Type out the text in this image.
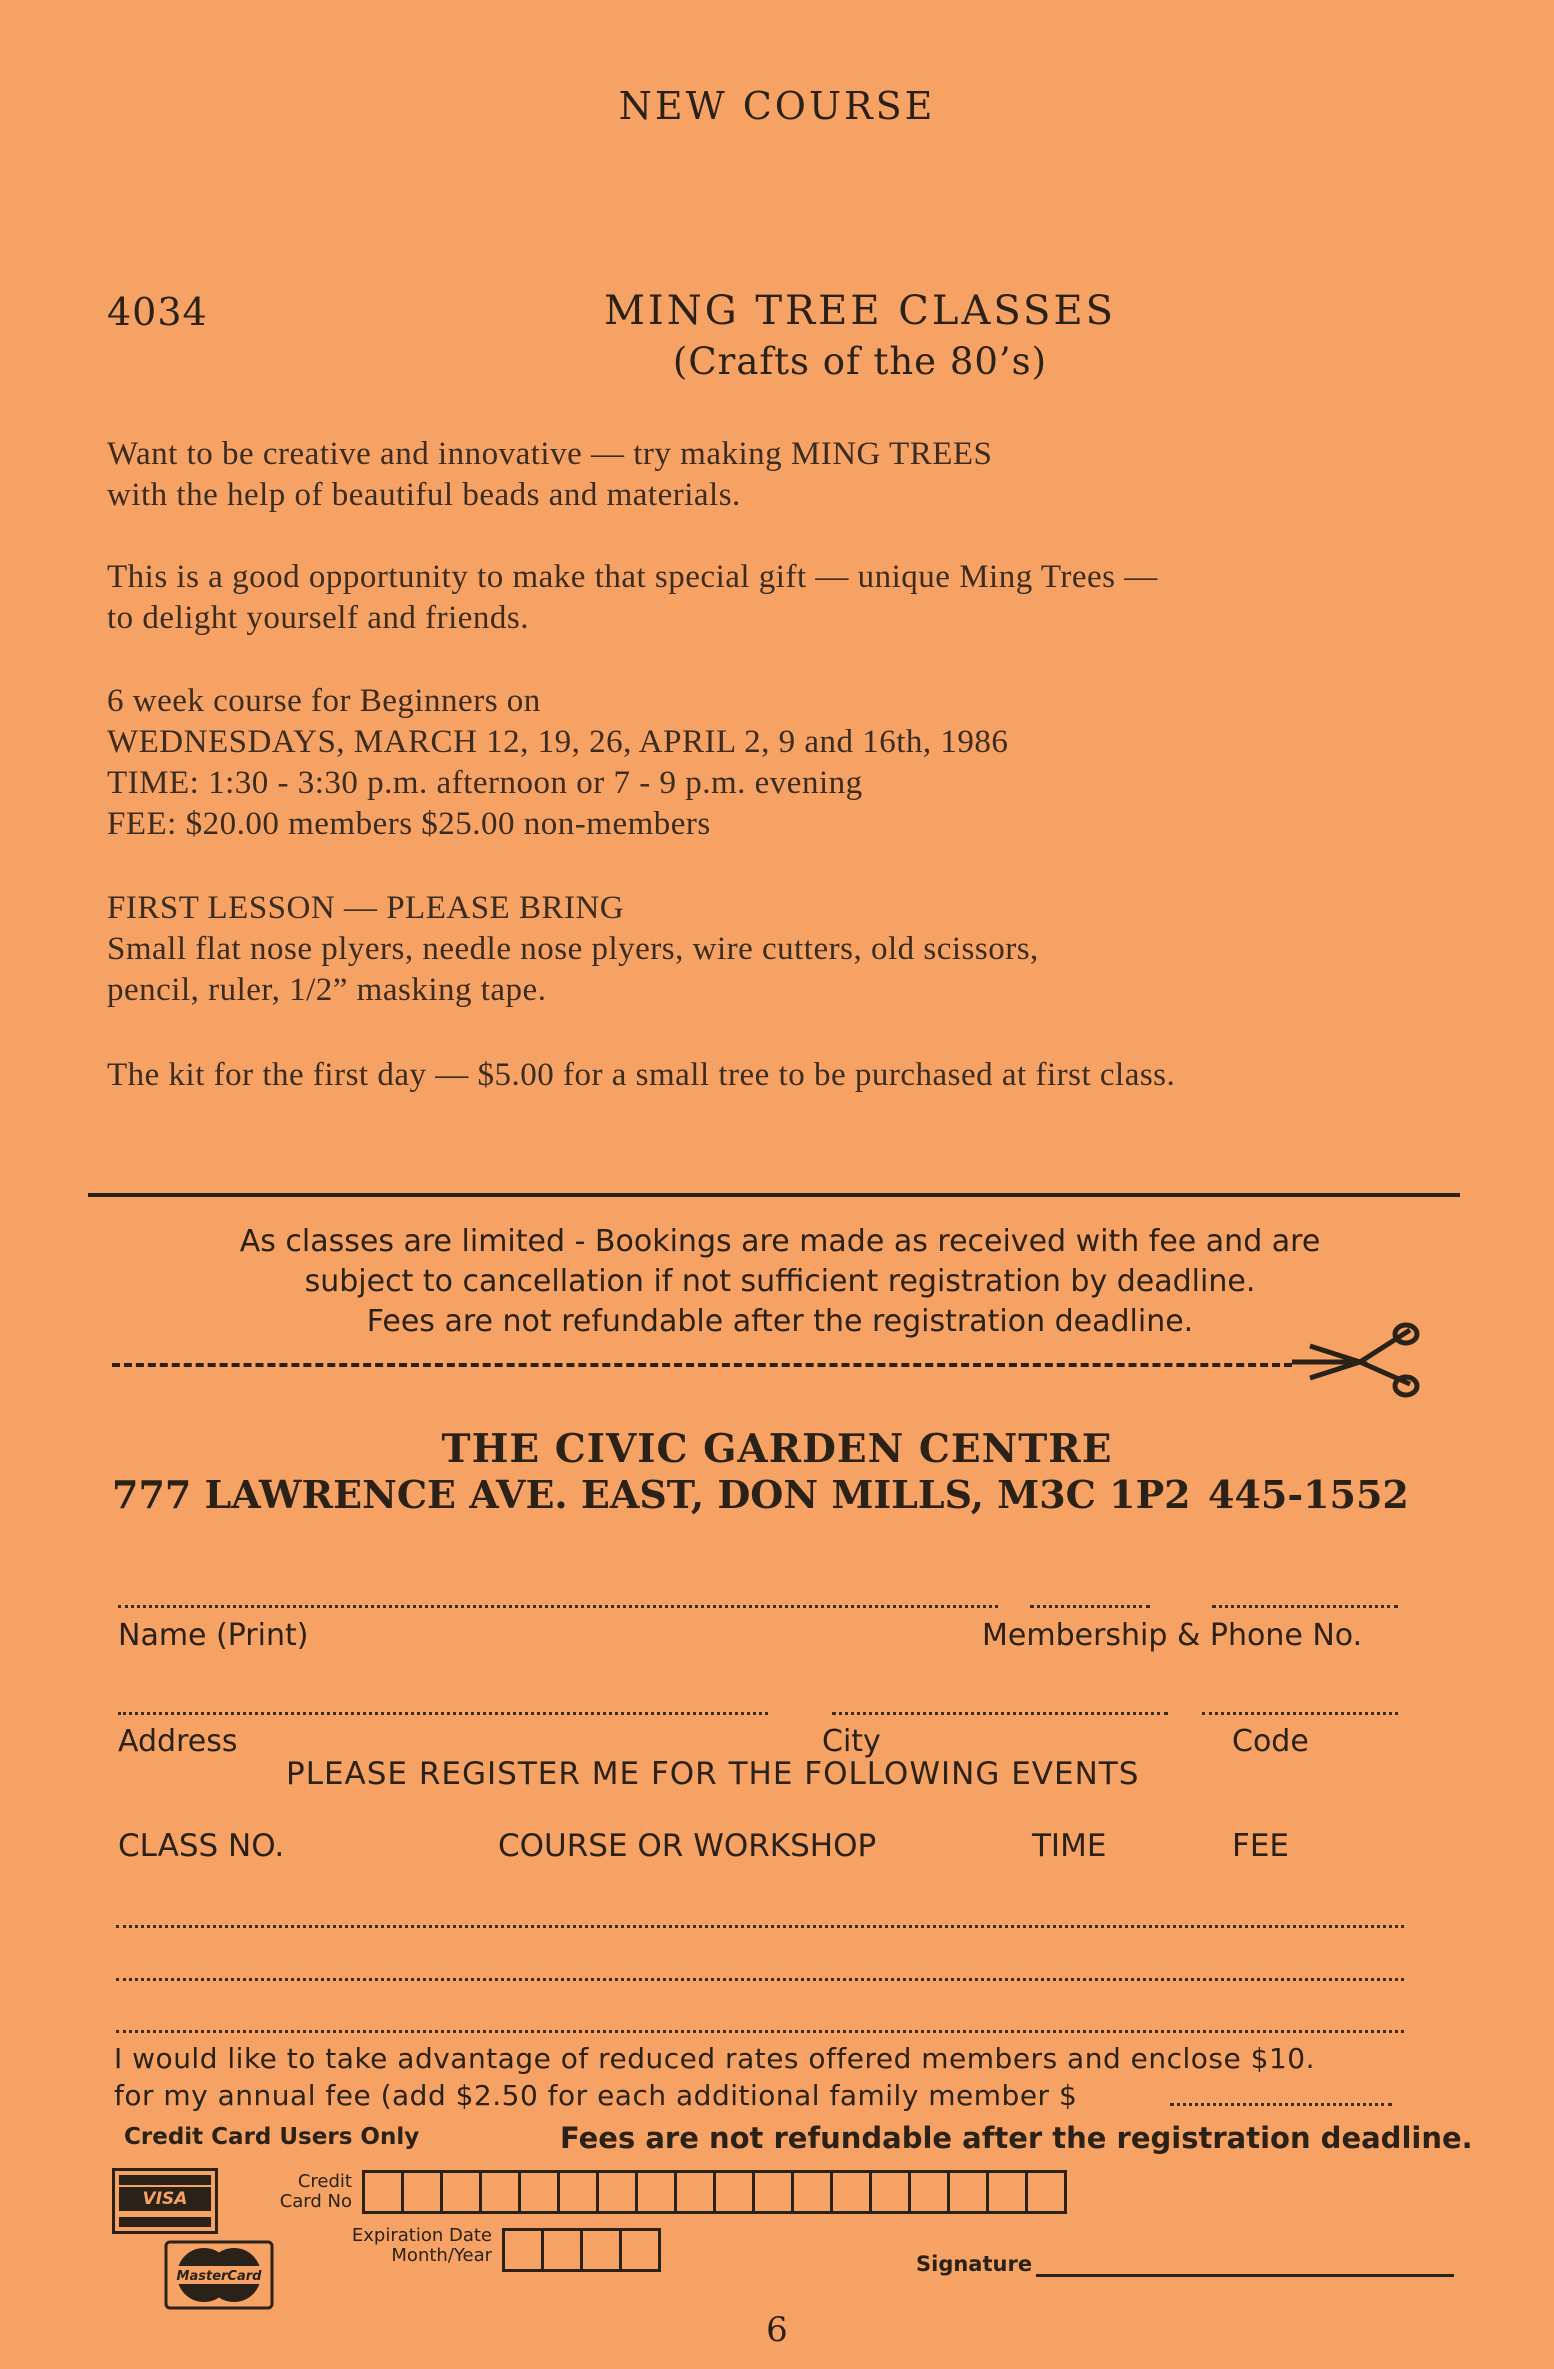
NEW COURSE
4034	MING TREE CLASSES
(Crafts of the 80’s)
Want to be creative and innovative — try making MING TREES
with the help of beautiful beads and materials.
This is a good opportunity to make that special gift — unique Ming Trees —
to delight yourself and friends.
6 week course for Beginners on
WEDNESDAYS, MARCH 12, 19, 26, APRIL 2, 9 and 16th, 1986
TIME: 1:30 - 3:30 p.m. afternoon or 7 - 9 p.m. evening
FEE: $20.00 members $25.00 non-members
FIRST LESSON — PLEASE BRING
Small flat nose plyers, needle nose plyers, wire cutters, old scissors,
pencil, ruler, 1/2” masking tape.
The kit for the first day — $5.00 for a small tree to be purchased at first class.
As classes are limited - Bookings are made as received with fee and are
subject to cancellation if not sufficient registration by deadline.
Fees are not refundable after the registration deadline.
THE CIVIC GARDEN CENTRE
777 LAWRENCE AVE. EAST, DON MILLS, M3C 1P2 445-1552
Name (Print)	Membership & Phone No.
Address	City	Code
PLEASE REGISTER ME FOR THE FOLLOWING EVENTS
CLASS NO.	COURSE OR WORKSHOP	TIME	FEE
I would like to take advantage of reduced rates offered members and enclose $10.
for my annual fee (add $2.50 for each additional family member $
Credit Card Users Only	Fees are not refundable after the registration deadline.
VISA
Credit
Card No
MasterCard
Expiration Date
Month/Year	Signature
6
